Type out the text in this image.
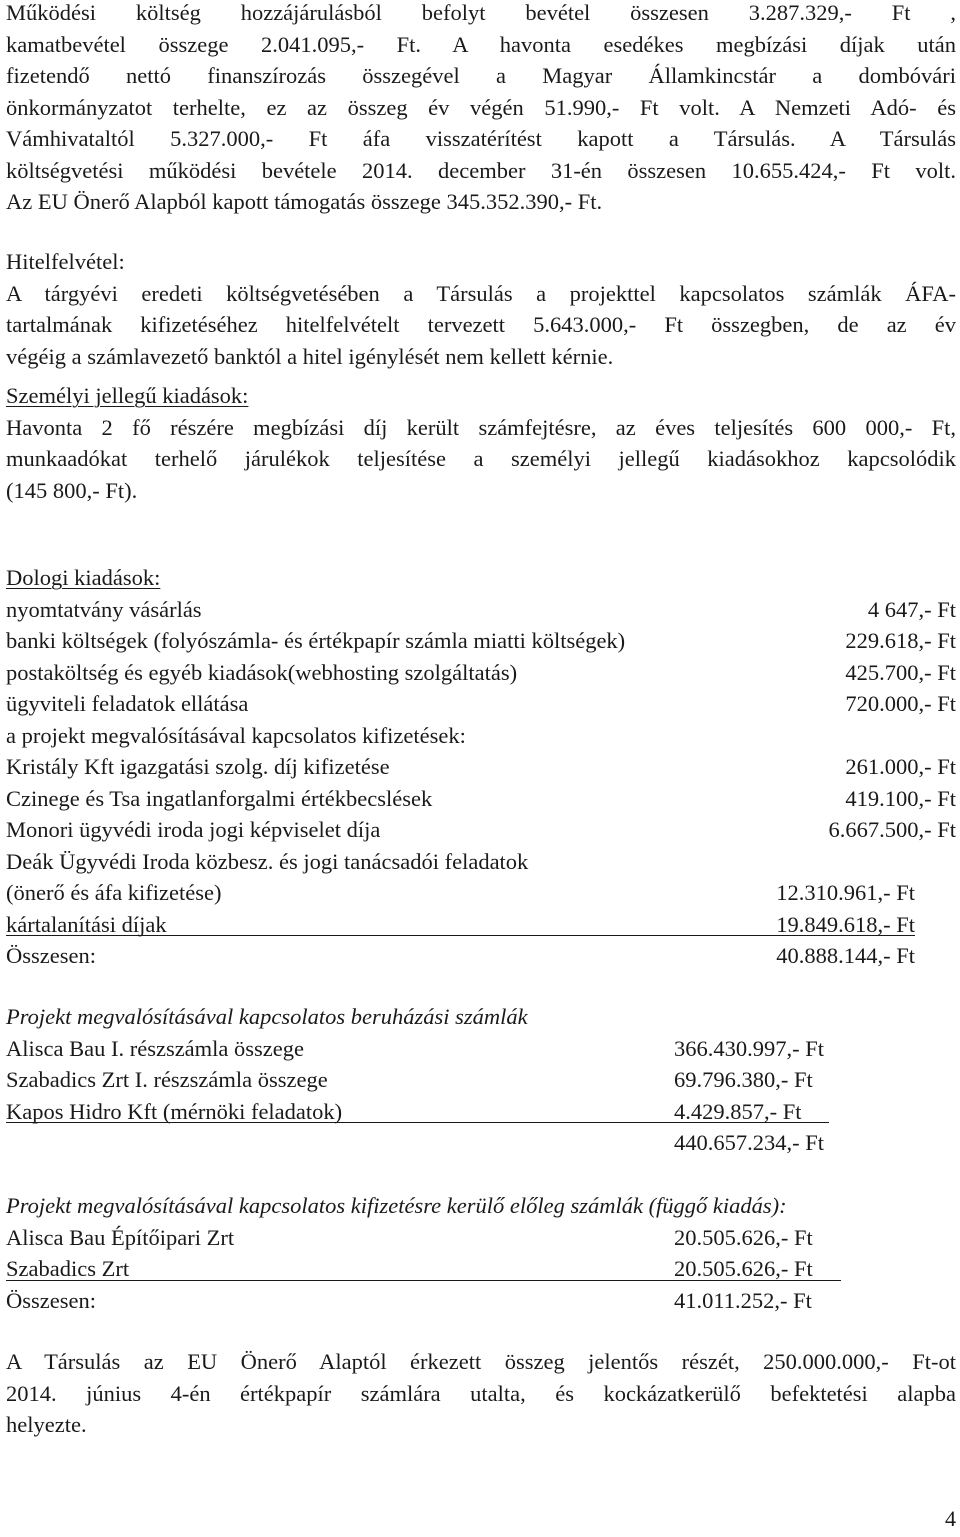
Működési költség hozzájárulásból befolyt bevétel összesen 3.287.329,- Ft ,
kamatbevétel összege 2.041.095,- Ft. A havonta esedékes megbízási díjak után
fizetendő nettó finanszírozás összegével a Magyar Államkincstár a dombóvári
önkormányzatot terhelte, ez az összeg év végén 51.990,- Ft volt. A Nemzeti Adó- és
Vámhivataltól 5.327.000,- Ft áfa visszatérítést kapott a Társulás. A Társulás
költségvetési működési bevétele 2014. december 31-én összesen 10.655.424,- Ft volt.
Az EU Önerő Alapból kapott támogatás összege 345.352.390,- Ft.
Hitelfelvétel:
A tárgyévi eredeti költségvetésében a Társulás a projekttel kapcsolatos számlák ÁFA-
tartalmának kifizetéséhez hitelfelvételt tervezett 5.643.000,- Ft összegben, de az év
végéig a számlavezető banktól a hitel igénylését nem kellett kérnie.
Személyi jellegű kiadások:
Havonta 2 fő részére megbízási díj került számfejtésre, az éves teljesítés 600 000,- Ft,
munkaadókat terhelő járulékok teljesítése a személyi jellegű kiadásokhoz kapcsolódik
(145 800,- Ft).
Dologi kiadások:
nyomtatvány vásárlás	4 647,- Ft
banki költségek (folyószámla- és értékpapír számla miatti költségek)	229.618,- Ft
postaköltség és egyéb kiadások(webhosting szolgáltatás)	425.700,- Ft
ügyviteli feladatok ellátása	720.000,- Ft
a projekt megvalósításával kapcsolatos kifizetések:
Kristály Kft igazgatási szolg. díj kifizetése	261.000,- Ft
Czinege és Tsa ingatlanforgalmi értékbecslések	419.100,- Ft
Monori ügyvédi iroda jogi képviselet díja	6.667.500,- Ft
Deák Ügyvédi Iroda közbesz. és jogi tanácsadói feladatok
(önerő és áfa kifizetése)	12.310.961,- Ft
kártalanítási díjak	19.849.618,- Ft
Összesen:	40.888.144,- Ft
Projekt megvalósításával kapcsolatos beruházási számlák
Alisca Bau I. részszámla összege	366.430.997,- Ft
Szabadics Zrt I. részszámla összege	69.796.380,- Ft
Kapos Hidro Kft (mérnöki feladatok)	4.429.857,- Ft
440.657.234,- Ft
Projekt megvalósításával kapcsolatos kifizetésre kerülő előleg számlák (függő kiadás):
Alisca Bau Építőipari Zrt	20.505.626,- Ft
Szabadics Zrt	20.505.626,- Ft
Összesen:	41.011.252,- Ft
A Társulás az EU Önerő Alaptól érkezett összeg jelentős részét, 250.000.000,- Ft-ot
2014. június 4-én értékpapír számlára utalta, és kockázatkerülő befektetési alapba
helyezte.
4
